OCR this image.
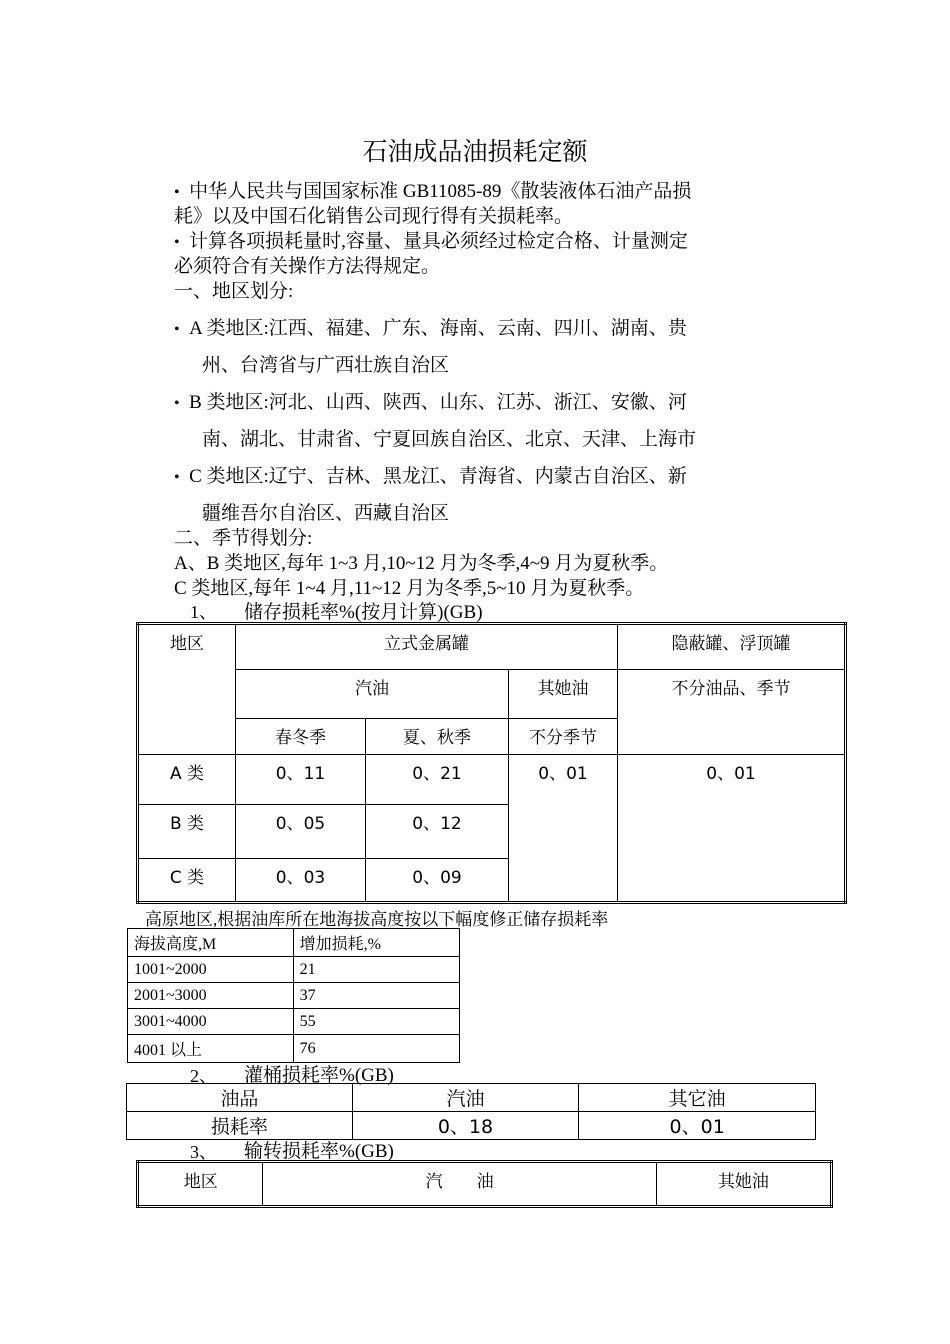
石油成品油损耗定额
• 中华人民共与国国家标准 GB11085-89《散装液体石油产品损
耗》以及中国石化销售公司现行得有关损耗率。
• 计算各项损耗量时,容量、量具必须经过检定合格、计量测定
必须符合有关操作方法得规定。
一、地区划分:
• A 类地区:江西、福建、广东、海南、云南、四川、湖南、贵
州、台湾省与广西壮族自治区
• B 类地区:河北、山西、陕西、山东、江苏、浙江、安徽、河
南、湖北、甘肃省、宁夏回族自治区、北京、天津、上海市
• C 类地区:辽宁、吉林、黑龙江、青海省、内蒙古自治区、新
疆维吾尔自治区、西藏自治区
二、季节得划分:
A、B 类地区,每年 1~3 月,10~12 月为冬季,4~9 月为夏秋季。
C 类地区,每年 1~4 月,11~12 月为冬季,5~10 月为夏秋季。
1、 储存损耗率%(按月计算)(GB)
地区	立式金属罐			隐蔽罐、浮顶罐
	汽油		其她油	不分油品、季节
	春冬季	夏、秋季	不分季节	
A 类	0、11	0、21	0、01	0、01
B 类	0、05	0、12		
C 类	0、03	0、09		
高原地区,根据油库所在地海拔高度按以下幅度修正储存损耗率
海拔高度,M	增加损耗,%
1001~2000	21
2001~3000	37
3001~4000	55
4001 以上	76
2、 灌桶损耗率%(GB)
油品	汽油	其它油
损耗率	0、18	0、01
3、 输转损耗率%(GB)
地区	汽　　油	其她油
